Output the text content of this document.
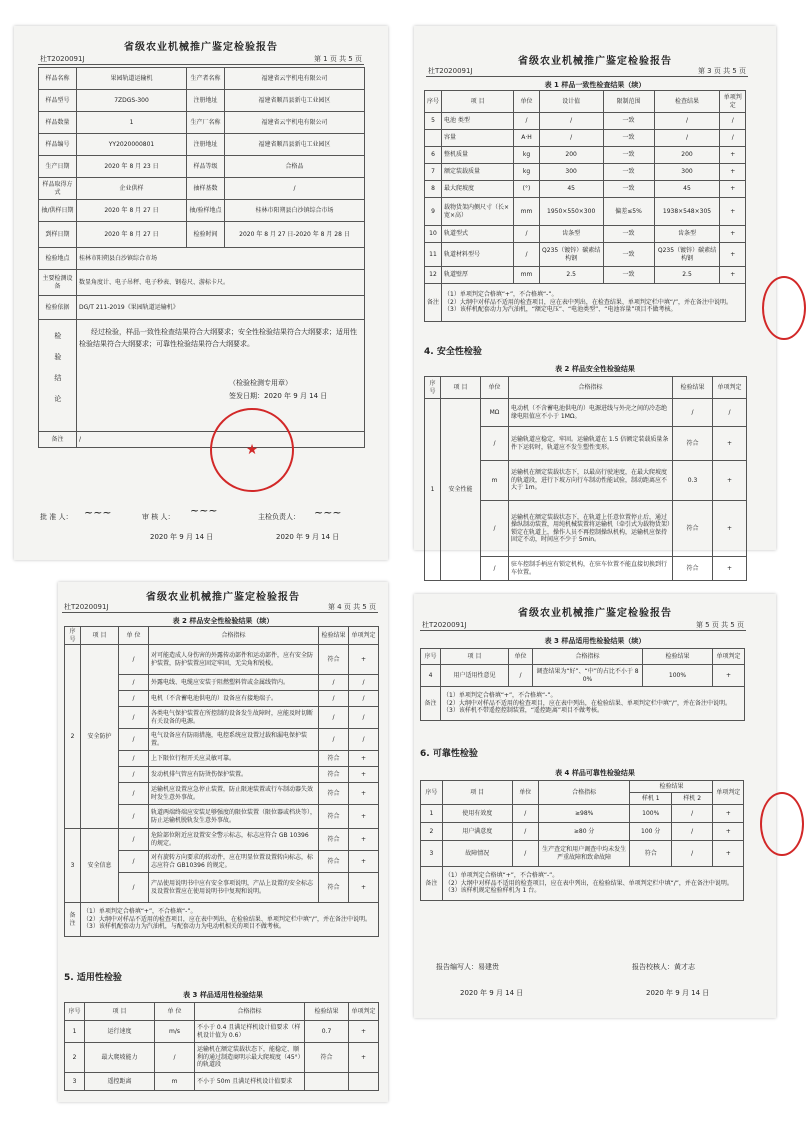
省级农业机械推广鉴定检验报告
杜T2020091J	第 1 页 共 5 页
样品名称	果园轨道运输机	生产者名称	福建省云宇机电有限公司
样品型号	7ZDGS-300	注册地址	福建省顺昌县新屯工业园区
样品数量	1	生产厂名称	福建省云宇机电有限公司
样品编号	YY2020000801	注册地址	福建省顺昌县新屯工业园区
生产日期	2020 年 8 月 23 日	样品等级	合格品
样品取得方式	企业供样	抽样基数	/
抽/供样日期	2020 年 8 月 27 日	抽/验样地点	桂林市阳朔县白沙镇综合市场
到样日期	2020 年 8 月 27 日	检验时间	2020 年 8 月 27 日-2020 年 8 月 28 日
检验地点	桂林市阳朔县白沙镇综合市场		
主要检测设备	数显角度计、电子吊秤、电子秒表、钢卷尺、游标卡尺。		
检验依据	DG/T 211-2019《果园轨道运输机》		
检验结论	经过检验，样品一致性检查结果符合大纲要求；安全性检验结果符合大纲要求；适用性检验结果符合大纲要求；可靠性检验结果符合大纲要求。
（检验检测专用章）
签发日期：2020 年 9 月 14 日		

备注	/		
★
批 准 人： ~~~	审 核 人： ~~~	主检负责人： ~~~
2020 年 9 月 14 日	2020 年 9 月 14 日
省级农业机械推广鉴定检验报告
杜T2020091J	第 3 页 共 5 页
表 1 样品一致性检查结果（续）
序号	项 目	单位	设计值	限制范围	检查结果	单项判定
5	电池 类型	/	/	一致	/	/
	容量	A·H	/	一致	/	/
6	整机质量	kg	200	一致	200	+
7	额定装载质量	kg	300	一致	300	+
8	最大爬坡度	(°)	45	一致	45	+
9	载物货架内侧尺寸（长×宽×高）	mm	1950×550×300	偏差≤5%	1938×548×305	+
10	轨道型式	/	齿条型	一致	齿条型	+
11	轨道材料型号	/	Q235（镀锌）碳素结构钢	一致	Q235（镀锌）碳素结构钢	+
12	轨道壁厚	mm	2.5	一致	2.5	+
备注	（1）单项判定合格填“+”，不合格填“-”。
（2）大纲中对样品不适用的检查项目，应在表中列出，在检查结果、单项判定栏中填“/”，并在备注中说明。
（3）该样机配套动力为汽油机，“额定电压”、“电池类型”、“电池容量”项目不做考核。					
4. 安全性检验
表 2 样品安全性检验结果
序号	项 目	单位	合格指标	检验结果	单项判定
1	安全性能	MΩ	电动机（不含蓄电池供电的）电源进线与外壳之间的冷态绝缘电阻值应不小于 1MΩ。	/	/
		/	运输轨道应稳定，牢固。运输轨道在 1.5 倍额定装载质量条件下运转时，轨道应不发生塑性变形。	符合	+
		m	运输机在额定装载状态下，以最高行驶速度，在最大爬坡度的轨道段，进行下坡方向行车制动性能试验，制动距离应不大于 1m。	0.3	+
		/	运输机在额定装载状态下，在轨道上任意位置停止后，通过操纵制动装置，用纯机械装置将运输机（牵引式为载物货架）锁定在轨道上，操作人员不再控制操纵机构，运输机应保持固定不动，时间应不少于 5min。	符合	+
		/	驻车控制手柄应有锁定机构，在驻车位置不能直接切换到行车位置。	符合	+
省级农业机械推广鉴定检验报告
杜T2020091J	第 4 页 共 5 页
表 2 样品安全性检验结果（续）
序号	项 目	单 位	合格指标	检验结果	单项判定
2	安全防护	/	对可能造成人身伤害的外露传动部件和运动部件，应有安全防护装置，防护装置应固定牢固，无尖角和锐棱。	符合	+
		/	外露电线、电缆应安装于阻燃塑料管或金属线管内。	/	/
		/	电机（不含蓄电池供电的）设备应有接地端子。	/	/
		/	各类电气保护装置在所控制的设备发生故障时，应能及时切断有关设备的电源。	/	/
		/	电气设备应有防雨措施，电控系统应设置过载和漏电保护装置。	/	/
		/	上下限位行程开关应灵敏可靠。	符合	+
		/	发动机排气管应有防烫伤保护装置。	符合	+
		/	运输机应设置应急停止装置，防止限速装置或行车制动器失效时发生意外事故。	符合	+
		/	轨道两端终端应安装足够强度的限位装置（限位器或档块等），防止运输机脱轨发生意外事故。	符合	+
3	安全信息	/	危险部位附近应设置安全警示标志，标志应符合 GB 10396 的规定。	符合	+
		/	对有旋转方向要求的转动件，应在明显位置设置转向标志，标志应符合 GB10396 的规定。	符合	+
		/	产品使用说明书中应有安全事项说明，产品上设置的安全标志及设置位置应在使用说明书中复现和说明。	符合	+
备注	（1）单项判定合格填“+”，不合格填“-”。
（2）大纲中对样品不适用的检查项目，应在表中列出，在检验结果、单项判定栏中填“/”，并在备注中说明。
（3）该样机配套动力为汽油机，与配套动力为电动机相关的项目不做考核。				
5. 适用性检验
表 3 样品适用性检验结果
序号	项 目	单 位	合格指标	检验结果	单项判定
1	运行速度	m/s	不小于 0.4 且满足样机设计值要求（样机设计值为 0.6）	0.7	+
2	最大爬坡能力	/	运输机在额定装载状态下，能稳定、顺利的通过制造商明示最大爬坡度（45°）的轨道段	符合	+
3	遥控距离	m	不小于 50m 且满足样机设计值要求		
省级农业机械推广鉴定检验报告
杜T2020091J	第 5 页 共 5 页
表 3 样品适用性检验结果（续）
序号	项 目	单位	合格指标	检验结果	单项判定
4	用户适用性意见	/	调查结果为“好”、“中”的占比不小于 80%	100%	+
备注	（1）单项判定合格填“+”，不合格填“-”。
（2）大纲中对样品不适用的检查项目，应在表中列出，在检验结果、单项判定栏中填“/”，并在备注中说明。
（3）该样机不带遥控控制装置，“遥控距离”项目不做考核。				
6. 可靠性检验
表 4 样品可靠性检验结果
序号	项 目	单位	合格指标	检验结果		单项判定
				样机 1	样机 2	
1	使用有效度	/	≥98%	100%	/	+
2	用户满意度	/	≥80 分	100 分	/	+
3	故障情况	/	生产查定和用户调查中均未发生严重故障和致命故障	符合	/	+
备注	（1）单项判定合格填“+”，不合格填“-”。
（2）大纲中对样品不适用的检查项目，应在表中列出，在检验结果、单项判定栏中填“/”，并在备注中说明。
（3）该样机规定检验样机为 1 台。					
报告编写人：易建贵	报告校核人：黄才志
2020 年 9 月 14 日	2020 年 9 月 14 日
